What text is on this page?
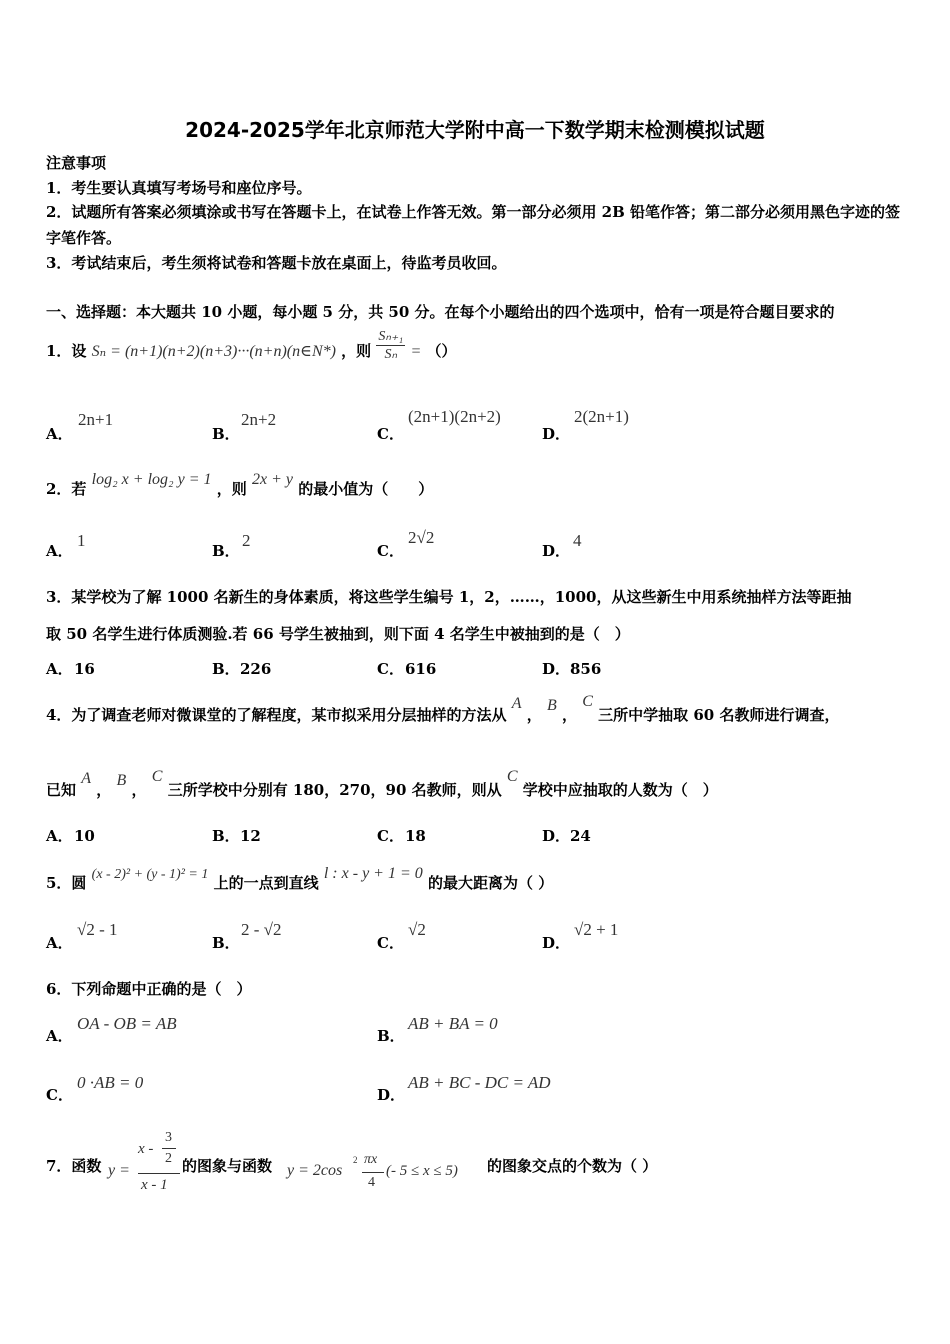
2024-2025学年北京师范大学附中高一下数学期末检测模拟试题
注意事项
1．考生要认真填写考场号和座位序号。
2．试题所有答案必须填涂或书写在答题卡上，在试卷上作答无效。第一部分必须用 2B 铅笔作答；第二部分必须用黑色字迹的签字笔作答。
3．考试结束后，考生须将试卷和答题卡放在桌面上，待监考员收回。
一、选择题：本大题共 10 小题，每小题 5 分，共 50 分。在每个小题给出的四个选项中，恰有一项是符合题目要求的
1．设 Sₙ = (n+1)(n+2)(n+3)···(n+n)(n∈N*) ，则 $\frac{\text{Sₙ₊₁}}{\text{Sₙ}}$ = （）
A．
2n+1
B．
2n+2
C．
(2n+1)(2n+2)
D．
2(2n+1)
2．若 log₂ x + log₂ y = 1 ，则 2x + y 的最小值为（　　）
A．
1
B．
2
C．
2√2
D．
4
3．某学校为了解 1000 名新生的身体素质，将这些学生编号 1，2，……，1000，从这些新生中用系统抽样方法等距抽
取 50 名学生进行体质测验.若 66 号学生被抽到，则下面 4 名学生中被抽到的是（　）
A．16	B．226	C．616	D．856
4．为了调查老师对微课堂的了解程度，某市拟采用分层抽样的方法从 A ， B ， C 三所中学抽取 60 名教师进行调查，
已知 A ， B ， C 三所学校中分别有 180，270，90 名教师，则从 C 学校中应抽取的人数为（　）
A．10	B．12	C．18	D．24
5．圆 (x - 2)² + (y - 1)² = 1 上的一点到直线 l : x - y + 1 = 0 的最大距离为（ ）
A．
√2 - 1
B．
2 - √2
C．
√2
D．
√2 + 1
6．下列命题中正确的是（　）
A．
OA - OB = AB
B．
AB + BA = 0
C．
0 ·AB = 0
D．
AB + BC - DC = AD
7．函数 y =
x -
3
2
x - 1
的图象与函数 y = 2cos
2 πx
4
(- 5 ≤ x ≤ 5) 的图象交点的个数为（ ）
